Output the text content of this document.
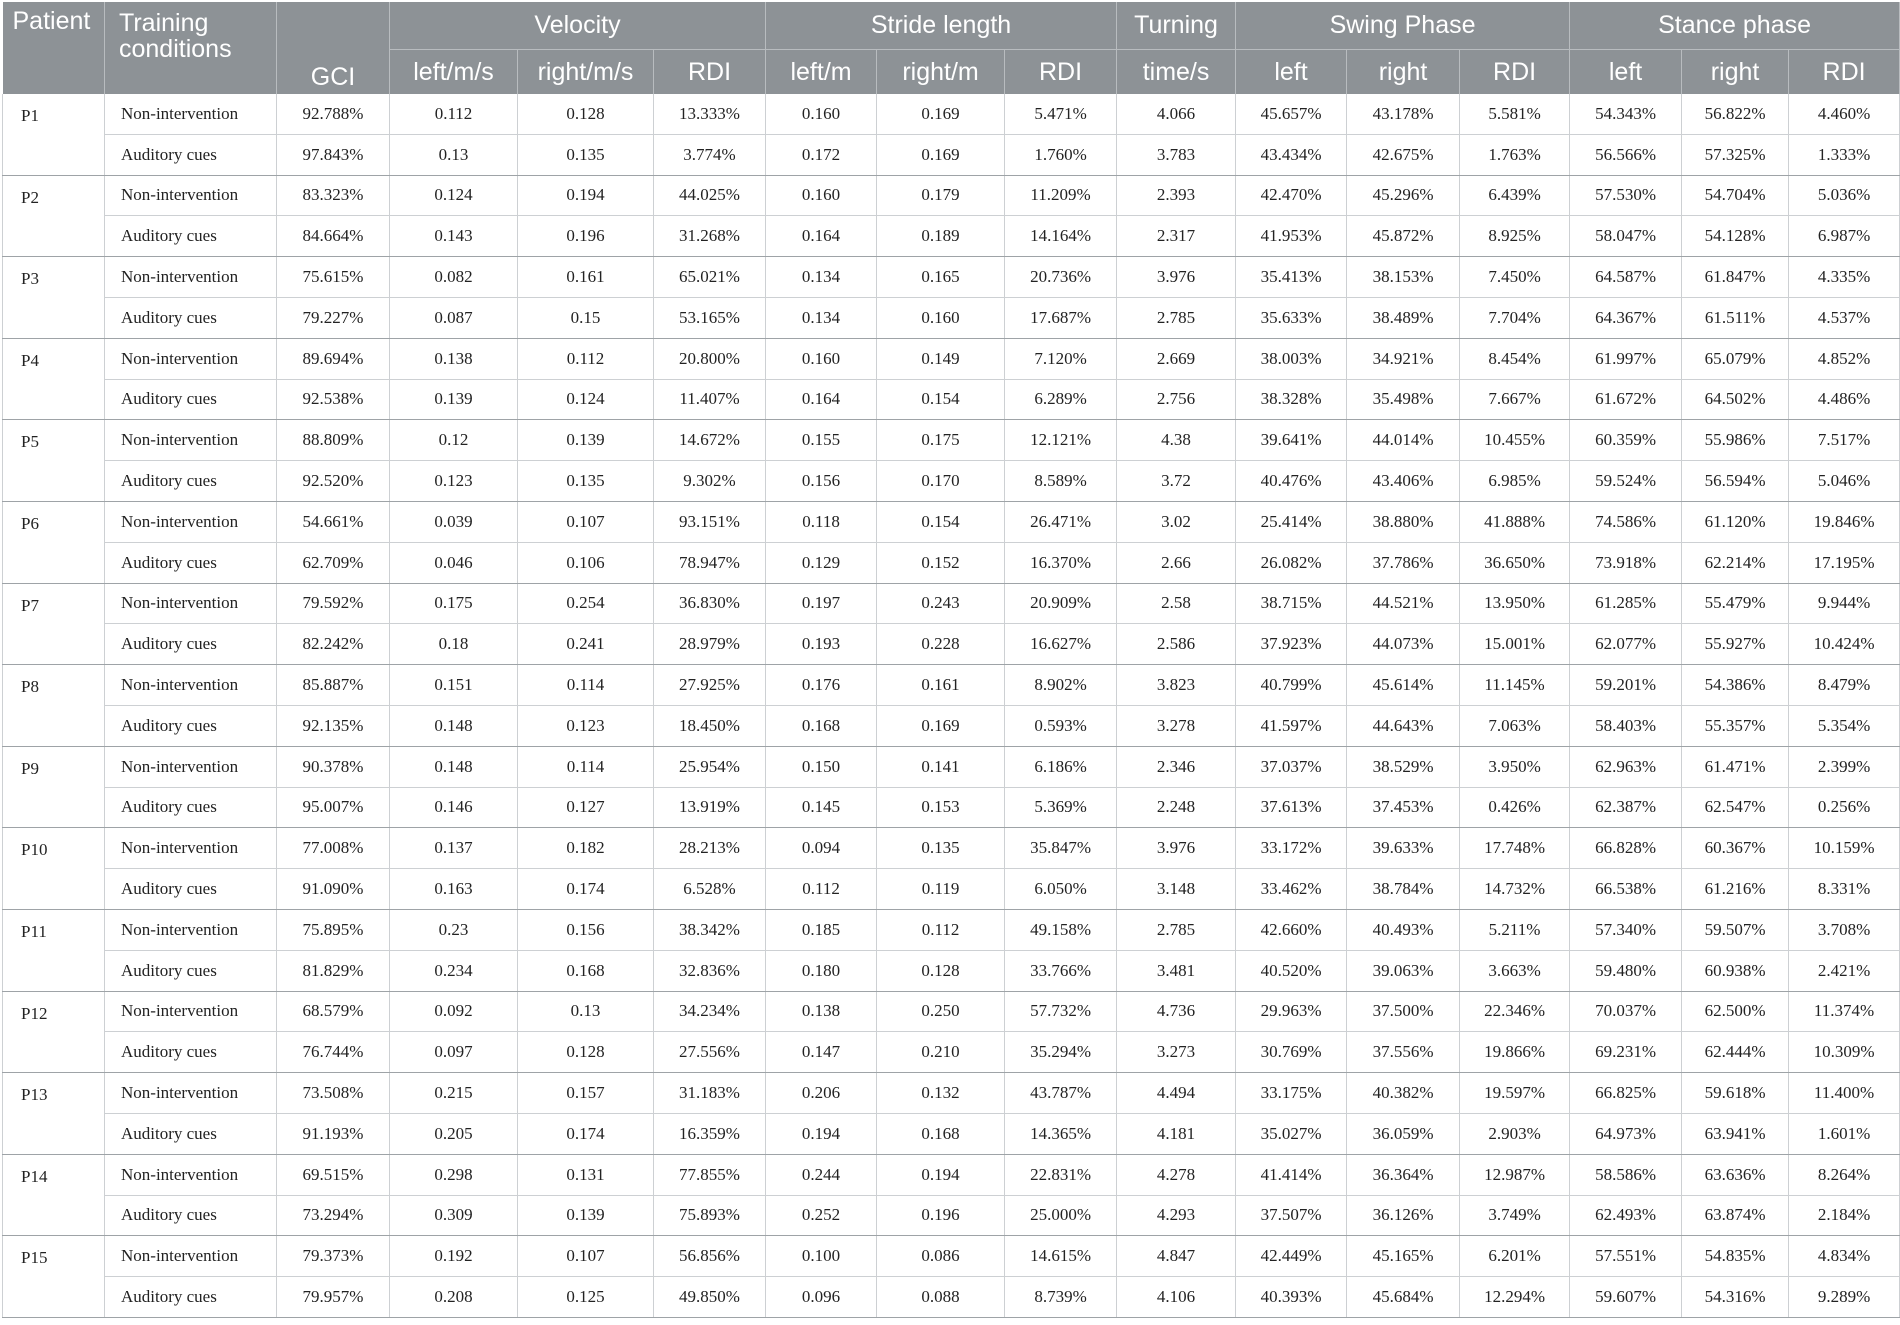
Patient	Training conditions	GCI	Velocity			Stride length			Turning	Swing Phase			Stance phase		
			left/m/s	right/m/s	RDI	left/m	right/m	RDI	time/s	left	right	RDI	left	right	RDI
P1	Non-intervention	92.788%	0.112	0.128	13.333%	0.160	0.169	5.471%	4.066	45.657%	43.178%	5.581%	54.343%	56.822%	4.460%
	Auditory cues	97.843%	0.13	0.135	3.774%	0.172	0.169	1.760%	3.783	43.434%	42.675%	1.763%	56.566%	57.325%	1.333%
P2	Non-intervention	83.323%	0.124	0.194	44.025%	0.160	0.179	11.209%	2.393	42.470%	45.296%	6.439%	57.530%	54.704%	5.036%
	Auditory cues	84.664%	0.143	0.196	31.268%	0.164	0.189	14.164%	2.317	41.953%	45.872%	8.925%	58.047%	54.128%	6.987%
P3	Non-intervention	75.615%	0.082	0.161	65.021%	0.134	0.165	20.736%	3.976	35.413%	38.153%	7.450%	64.587%	61.847%	4.335%
	Auditory cues	79.227%	0.087	0.15	53.165%	0.134	0.160	17.687%	2.785	35.633%	38.489%	7.704%	64.367%	61.511%	4.537%
P4	Non-intervention	89.694%	0.138	0.112	20.800%	0.160	0.149	7.120%	2.669	38.003%	34.921%	8.454%	61.997%	65.079%	4.852%
	Auditory cues	92.538%	0.139	0.124	11.407%	0.164	0.154	6.289%	2.756	38.328%	35.498%	7.667%	61.672%	64.502%	4.486%
P5	Non-intervention	88.809%	0.12	0.139	14.672%	0.155	0.175	12.121%	4.38	39.641%	44.014%	10.455%	60.359%	55.986%	7.517%
	Auditory cues	92.520%	0.123	0.135	9.302%	0.156	0.170	8.589%	3.72	40.476%	43.406%	6.985%	59.524%	56.594%	5.046%
P6	Non-intervention	54.661%	0.039	0.107	93.151%	0.118	0.154	26.471%	3.02	25.414%	38.880%	41.888%	74.586%	61.120%	19.846%
	Auditory cues	62.709%	0.046	0.106	78.947%	0.129	0.152	16.370%	2.66	26.082%	37.786%	36.650%	73.918%	62.214%	17.195%
P7	Non-intervention	79.592%	0.175	0.254	36.830%	0.197	0.243	20.909%	2.58	38.715%	44.521%	13.950%	61.285%	55.479%	9.944%
	Auditory cues	82.242%	0.18	0.241	28.979%	0.193	0.228	16.627%	2.586	37.923%	44.073%	15.001%	62.077%	55.927%	10.424%
P8	Non-intervention	85.887%	0.151	0.114	27.925%	0.176	0.161	8.902%	3.823	40.799%	45.614%	11.145%	59.201%	54.386%	8.479%
	Auditory cues	92.135%	0.148	0.123	18.450%	0.168	0.169	0.593%	3.278	41.597%	44.643%	7.063%	58.403%	55.357%	5.354%
P9	Non-intervention	90.378%	0.148	0.114	25.954%	0.150	0.141	6.186%	2.346	37.037%	38.529%	3.950%	62.963%	61.471%	2.399%
	Auditory cues	95.007%	0.146	0.127	13.919%	0.145	0.153	5.369%	2.248	37.613%	37.453%	0.426%	62.387%	62.547%	0.256%
P10	Non-intervention	77.008%	0.137	0.182	28.213%	0.094	0.135	35.847%	3.976	33.172%	39.633%	17.748%	66.828%	60.367%	10.159%
	Auditory cues	91.090%	0.163	0.174	6.528%	0.112	0.119	6.050%	3.148	33.462%	38.784%	14.732%	66.538%	61.216%	8.331%
P11	Non-intervention	75.895%	0.23	0.156	38.342%	0.185	0.112	49.158%	2.785	42.660%	40.493%	5.211%	57.340%	59.507%	3.708%
	Auditory cues	81.829%	0.234	0.168	32.836%	0.180	0.128	33.766%	3.481	40.520%	39.063%	3.663%	59.480%	60.938%	2.421%
P12	Non-intervention	68.579%	0.092	0.13	34.234%	0.138	0.250	57.732%	4.736	29.963%	37.500%	22.346%	70.037%	62.500%	11.374%
	Auditory cues	76.744%	0.097	0.128	27.556%	0.147	0.210	35.294%	3.273	30.769%	37.556%	19.866%	69.231%	62.444%	10.309%
P13	Non-intervention	73.508%	0.215	0.157	31.183%	0.206	0.132	43.787%	4.494	33.175%	40.382%	19.597%	66.825%	59.618%	11.400%
	Auditory cues	91.193%	0.205	0.174	16.359%	0.194	0.168	14.365%	4.181	35.027%	36.059%	2.903%	64.973%	63.941%	1.601%
P14	Non-intervention	69.515%	0.298	0.131	77.855%	0.244	0.194	22.831%	4.278	41.414%	36.364%	12.987%	58.586%	63.636%	8.264%
	Auditory cues	73.294%	0.309	0.139	75.893%	0.252	0.196	25.000%	4.293	37.507%	36.126%	3.749%	62.493%	63.874%	2.184%
P15	Non-intervention	79.373%	0.192	0.107	56.856%	0.100	0.086	14.615%	4.847	42.449%	45.165%	6.201%	57.551%	54.835%	4.834%
	Auditory cues	79.957%	0.208	0.125	49.850%	0.096	0.088	8.739%	4.106	40.393%	45.684%	12.294%	59.607%	54.316%	9.289%
